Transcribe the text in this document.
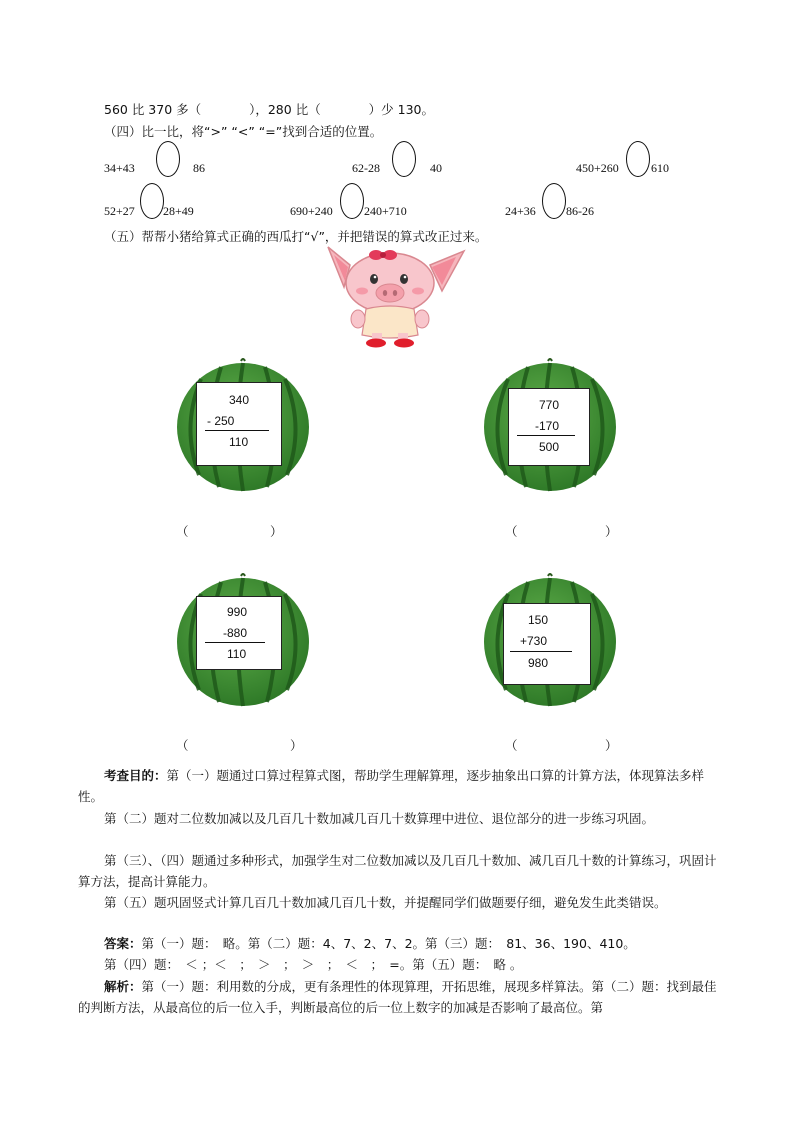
560 比 370 多（	），280 比（	）少 130。
（四）比一比，将“>” “<” “=”找到合适的位置。
34+43	86	62-28	40	450+260	610
52+27 28+49	690+240	240+710	24+36	86-26
（五）帮帮小猪给算式正确的西瓜打“√”，并把错误的算式改正过来。
340
- 250
110
770
-170
500
990
-880
110
150
+730
980
（	）	（	）
（	）	（	）
考查目的：第（一）题通过口算过程算式图，帮助学生理解算理，逐步抽象出口算的计算方法，体现算法多样性。
第（二）题对二位数加减以及几百几十数加减几百几十数算理中进位、退位部分的进一步练习巩固。
第（三）、（四）题通过多种形式，加强学生对二位数加减以及几百几十数加、减几百几十数的计算练习，巩固计算方法，提高计算能力。
第（五）题巩固竖式计算几百几十数加减几百几十数，并提醒同学们做题要仔细，避免发生此类错误。
答案：第（一）题：　略。第（二）题：4、7、2、7、2。第（三）题：　81、36、190、410。
第（四）题：　＜ ；＜　；　＞　；　＞　；　＜　；　=。第（五）题：　略 。
解析：第（一）题：利用数的分成，更有条理性的体现算理，开拓思维，展现多样算法。第（二）题：找到最佳的判断方法，从最高位的后一位入手，判断最高位的后一位上数字的加减是否影响了最高位。第
